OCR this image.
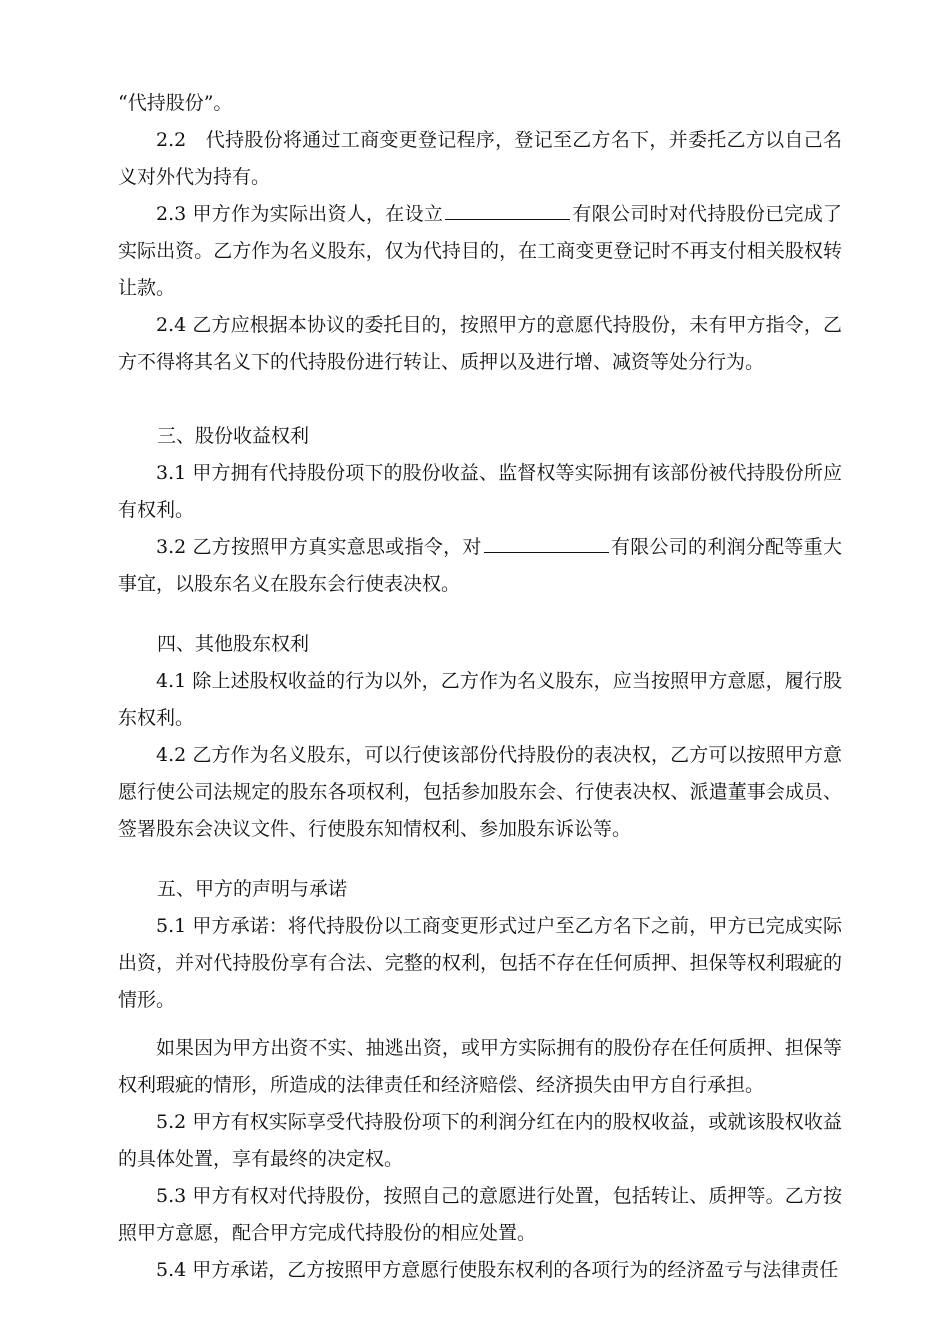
“代持股份”。

2.2　代持股份将通过工商变更登记程序，登记至乙方名下，并委托乙方以自己名义对外代为持有。

2.3 甲方作为实际出资人，在设立	有限公司时对代持股份已完成了实际出资。乙方作为名义股东，仅为代持目的，在工商变更登记时不再支付相关股权转让款。

2.4 乙方应根据本协议的委托目的，按照甲方的意愿代持股份，未有甲方指令，乙方不得将其名义下的代持股份进行转让、质押以及进行增、减资等处分行为。

三、股份收益权利

3.1 甲方拥有代持股份项下的股份收益、监督权等实际拥有该部份被代持股份所应有权利。

3.2 乙方按照甲方真实意思或指令，对	有限公司的利润分配等重大事宜，以股东名义在股东会行使表决权。

四、其他股东权利

4.1 除上述股权收益的行为以外，乙方作为名义股东，应当按照甲方意愿，履行股东权利。

4.2 乙方作为名义股东，可以行使该部份代持股份的表决权，乙方可以按照甲方意愿行使公司法规定的股东各项权利，包括参加股东会、行使表决权、派遣董事会成员、签署股东会决议文件、行使股东知情权利、参加股东诉讼等。

五、甲方的声明与承诺

5.1 甲方承诺：将代持股份以工商变更形式过户至乙方名下之前，甲方已完成实际出资，并对代持股份享有合法、完整的权利，包括不存在任何质押、担保等权利瑕疵的情形。

如果因为甲方出资不实、抽逃出资，或甲方实际拥有的股份存在任何质押、担保等权利瑕疵的情形，所造成的法律责任和经济赔偿、经济损失由甲方自行承担。

5.2 甲方有权实际享受代持股份项下的利润分红在内的股权收益，或就该股权收益的具体处置，享有最终的决定权。

5.3 甲方有权对代持股份，按照自己的意愿进行处置，包括转让、质押等。乙方按照甲方意愿，配合甲方完成代持股份的相应处置。

5.4 甲方承诺，乙方按照甲方意愿行使股东权利的各项行为的经济盈亏与法律责任
